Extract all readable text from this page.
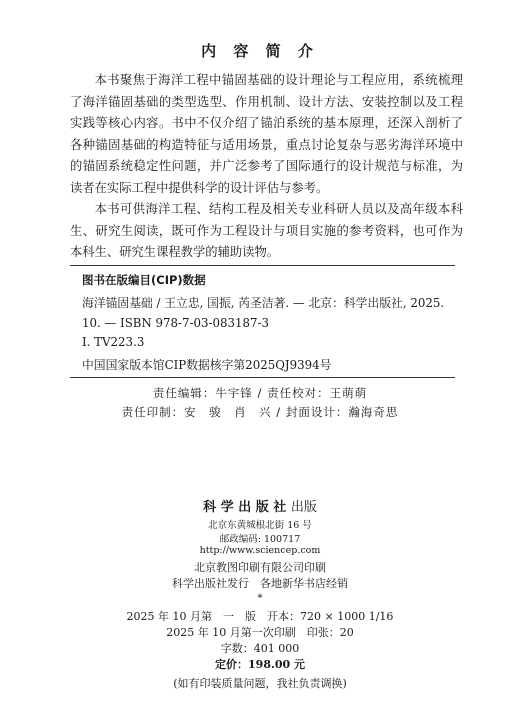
内 容 简 介

本书聚焦于海洋工程中锚固基础的设计理论与工程应用，系统梳理了海洋锚固基础的类型选型、作用机制、设计方法、安装控制以及工程实践等核心内容。书中不仅介绍了锚泊系统的基本原理，还深入剖析了各种锚固基础的构造特征与适用场景，重点讨论复杂与恶劣海洋环境中的锚固系统稳定性问题，并广泛参考了国际通行的设计规范与标准，为读者在实际工程中提供科学的设计评估与参考。

本书可供海洋工程、结构工程及相关专业科研人员以及高年级本科生、研究生阅读，既可作为工程设计与项目实施的参考资料，也可作为本科生、研究生课程教学的辅助读物。

图书在版编目(CIP)数据
海洋锚固基础 / 王立忠, 国振, 芮圣洁著. — 北京：科学出版社, 2025. 10. — ISBN 978-7-03-083187-3
Ⅰ. TV223.3
中国国家版本馆CIP数据核字第2025QJ9394号
责任编辑：牛宇锋 / 责任校对：王萌萌
责任印制：安　骏　肖　兴 / 封面设计：瀚海奇思
科 学 出 版 社 出版
北京东黄城根北街 16 号
邮政编码: 100717
http://www.sciencep.com
北京教图印刷有限公司印刷
科学出版社发行　各地新华书店经销
*
2025 年 10 月第　一　版　开本：720 × 1000 1/16
2025 年 10 月第一次印刷　印张：20
字数：401 000
定价：198.00 元
(如有印装质量问题，我社负责调换)
